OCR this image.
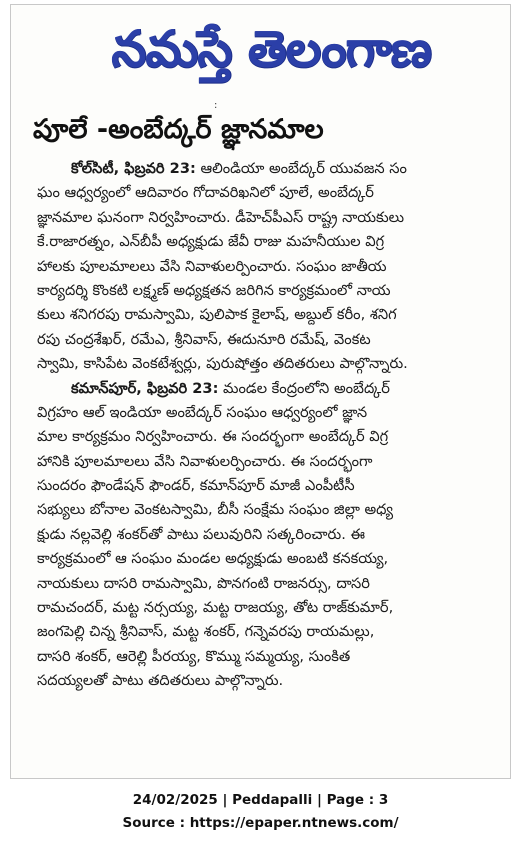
నమస్తే తెలంగాణ
:
పూలే -అంబేద్కర్ జ్ఞానమాల
కోల్‌సిటీ, ఫిబ్రవరి 23: ఆలిండియా అంబేద్కర్ యువజన సం
ఘం ఆధ్వర్యంలో ఆదివారం గోదావరిఖనిలో పూలే, అంబేద్కర్
జ్ఞానమాల ఘనంగా నిర్వహించారు. డీహెచ్‌పీఎస్ రాష్ట్ర నాయకులు
కే.రాజారత్నం, ఎన్‌బీపీ అధ్యక్షుడు జేవీ రాజు మహనీయుల విగ్ర
హాలకు పూలమాలలు వేసి నివాళులర్పించారు. సంఘం జాతీయ
కార్యదర్శి కొంకటి లక్ష్మణ్ అధ్యక్షతన జరిగిన కార్యక్రమంలో నాయ
కులు శనిగరపు రామస్వామి, పులిపాక కైలాష్, అబ్దుల్ కరీం, శనిగ
రపు చంద్రశేఖర్, రమేఎ, శ్రీనివాస్, ఈదునూరి రమేష్, వెంకట
స్వామి, కాసిపేట వెంకటేశ్వర్లు, పురుషోత్తం తదితరులు పాల్గొన్నారు.
కమాన్‌పూర్, ఫిబ్రవరి 23: మండల కేంద్రంలోని అంబేద్కర్
విగ్రహం ఆల్ ఇండియా అంబేద్కర్ సంఘం ఆధ్వర్యంలో జ్ఞాన
మాల కార్యక్రమం నిర్వహించారు. ఈ సందర్భంగా అంబేద్కర్ విగ్ర
హానికి పూలమాలలు వేసి నివాళులర్పించారు. ఈ సందర్భంగా
సుందరం ఫౌండేషన్ ఫౌండర్, కమాన్‌పూర్ మాజీ ఎంపీటీసీ
సభ్యులు బోనాల వెంకటస్వామి, బీసీ సంక్షేమ సంఘం జిల్లా అధ్య
క్షుడు నల్లవెల్లి శంకర్‌తో పాటు పలువురిని సత్కరించారు. ఈ
కార్యక్రమంలో ఆ సంఘం మండల అధ్యక్షుడు అంబటి కనకయ్య,
నాయకులు దాసరి రామస్వామి, పొనగంటి రాజనర్సు, దాసరి
రామచందర్, మట్ట నర్సయ్య, మట్ట రాజయ్య, తోట రాజ్‌కుమార్,
జంగపెల్లి చిన్న శ్రీనివాస్, మట్ట శంకర్, గన్నెవరపు రాయమల్లు,
దాసరి శంకర్, ఆరెల్లి పీరయ్య, కొమ్ము సమ్మయ్య, సుంకిత
సదయ్యలతో పాటు తదితరులు పాల్గొన్నారు.
24/02/2025 | Peddapalli | Page : 3
Source : https://epaper.ntnews.com/
